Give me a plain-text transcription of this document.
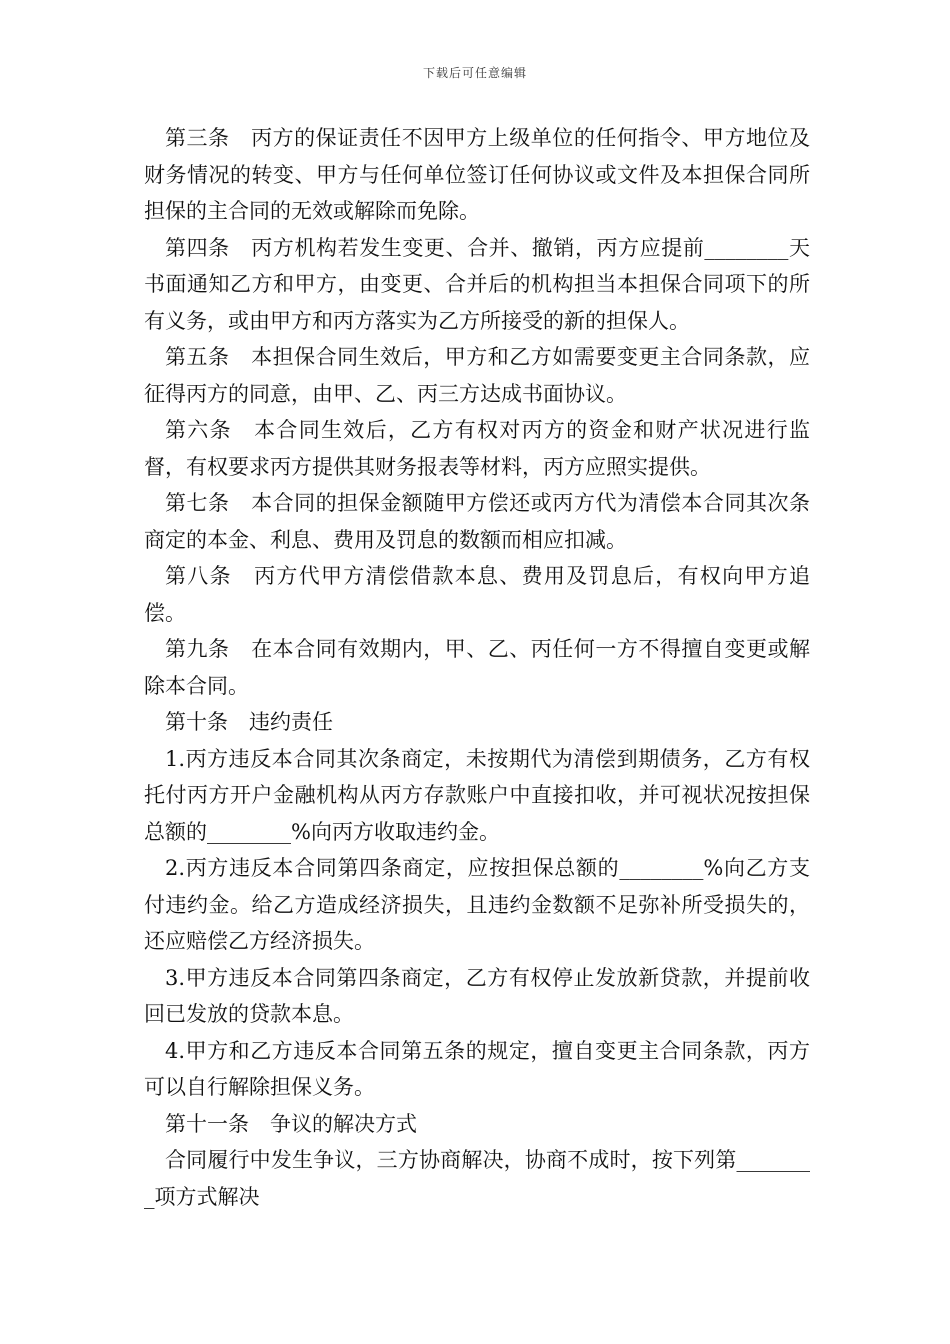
下载后可任意编辑

第三条　丙方的保证责任不因甲方上级单位的任何指令、甲方地位及财务情况的转变、甲方与任何单位签订任何协议或文件及本担保合同所担保的主合同的无效或解除而免除。

第四条　丙方机构若发生变更、合并、撤销，丙方应提前________天书面通知乙方和甲方，由变更、合并后的机构担当本担保合同项下的所有义务，或由甲方和丙方落实为乙方所接受的新的担保人。

第五条　本担保合同生效后，甲方和乙方如需要变更主合同条款，应征得丙方的同意，由甲、乙、丙三方达成书面协议。

第六条　本合同生效后，乙方有权对丙方的资金和财产状况进行监督，有权要求丙方提供其财务报表等材料，丙方应照实提供。

第七条　本合同的担保金额随甲方偿还或丙方代为清偿本合同其次条商定的本金、利息、费用及罚息的数额而相应扣减。

第八条　丙方代甲方清偿借款本息、费用及罚息后，有权向甲方追偿。

第九条　在本合同有效期内，甲、乙、丙任何一方不得擅自变更或解除本合同。

第十条　违约责任

1.丙方违反本合同其次条商定，未按期代为清偿到期债务，乙方有权托付丙方开户金融机构从丙方存款账户中直接扣收，并可视状况按担保总额的________%向丙方收取违约金。

2.丙方违反本合同第四条商定，应按担保总额的________%向乙方支付违约金。给乙方造成经济损失，且违约金数额不足弥补所受损失的，还应赔偿乙方经济损失。

3.甲方违反本合同第四条商定，乙方有权停止发放新贷款，并提前收回已发放的贷款本息。

4.甲方和乙方违反本合同第五条的规定，擅自变更主合同条款，丙方可以自行解除担保义务。

第十一条　争议的解决方式

合同履行中发生争议，三方协商解决，协商不成时，按下列第________项方式解决
